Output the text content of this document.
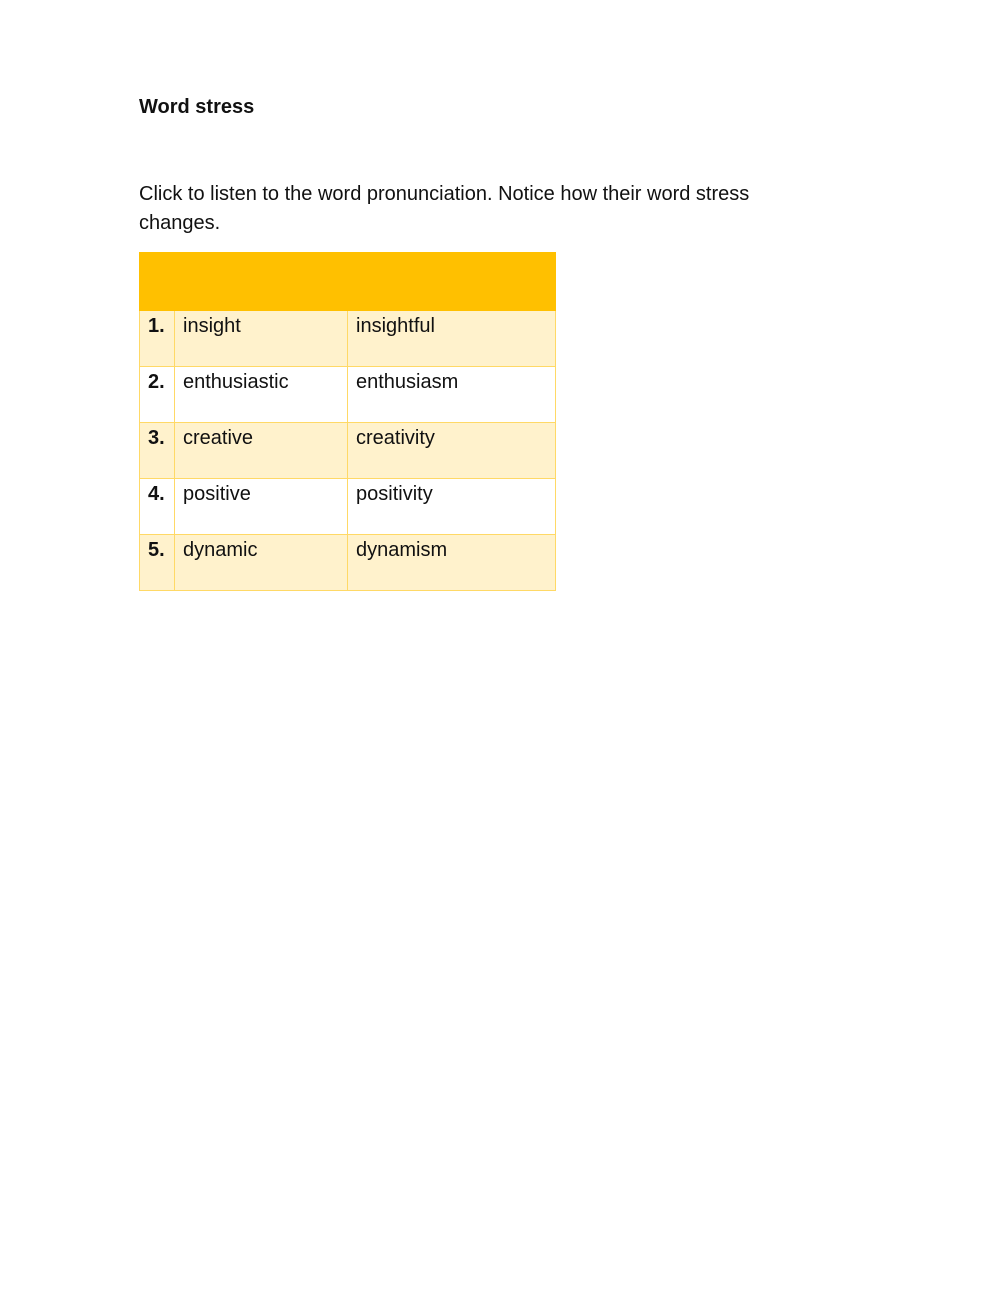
Word stress

Click to listen to the word pronunciation. Notice how their word stress changes.

1.	insight	insightful
2.	enthusiastic	enthusiasm
3.	creative	creativity
4.	positive	positivity
5.	dynamic	dynamism
